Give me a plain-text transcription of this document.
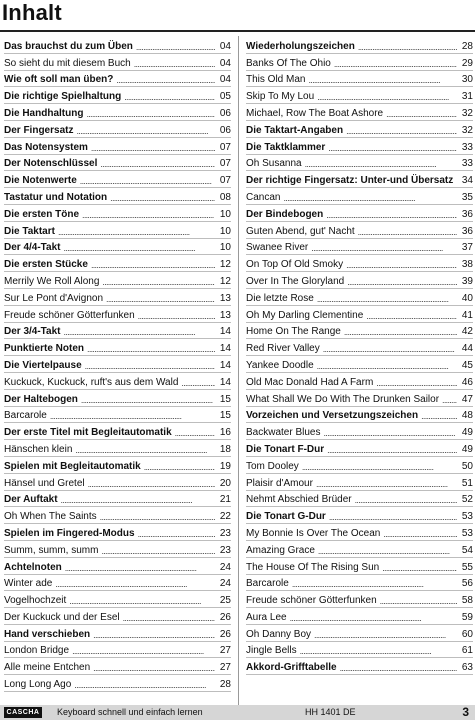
Inhalt
Das brauchst du zum Üben . . .	04
So sieht du mit diesem Buch . . .	04
Wie oft soll man üben? . . .	04
Die richtige Spielhaltung . . .	05
Die Handhaltung . . .	06
Der Fingersatz . . .	06
Das Notensystem . . .	07
Der Notenschlüssel . . .	07
Die Notenwerte . . .	07
Tastatur und Notation . . .	08
Die ersten Töne . . .	10
Die Taktart . . .	10
Der 4/4-Takt . . .	10
Die ersten Stücke . . .	12
Merrily We Roll Along . . .	12
Sur Le Pont d'Avignon . . .	13
Freude schöner Götterfunken . . .	13
Der 3/4-Takt . . .	14
Punktierte Noten . . .	14
Die Viertelpause . . .	14
Kuckuck, Kuckuck, ruft's aus dem Wald . . .	14
Der Haltebogen . . .	15
Barcarole . . .	15
Der erste Titel mit Begleitautomatik . . .	16
Hänschen klein . . .	18
Spielen mit Begleitautomatik . . .	19
Hänsel und Gretel . . .	20
Der Auftakt . . .	21
Oh When The Saints . . .	22
Spielen im Fingered-Modus . . .	23
Summ, summ, summ . . .	23
Achtelnoten . . .	24
Winter ade . . .	24
Vogelhochzeit . . .	25
Der Kuckuck und der Esel . . .	26
Hand verschieben . . .	26
London Bridge . . .	27
Alle meine Entchen . . .	27
Long Long Ago . . .	28
Wiederholungszeichen . . .	28
Banks Of The Ohio . . .	29
This Old Man . . .	30
Skip To My Lou . . .	31
Michael, Row The Boat Ashore . . .	32
Die Taktart-Angaben . . .	32
Die Taktklammer . . .	33
Oh Susanna . . .	33
Der richtige Fingersatz: Unter-und Übersatz . . . 34
Cancan . . .	35
Der Bindebogen . . .	36
Guten Abend, gut' Nacht . . .	36
Swanee River . . .	37
On Top Of Old Smoky . . .	38
Over In The Gloryland . . .	39
Die letzte Rose . . .	40
Oh My Darling Clementine . . .	41
Home On The Range . . .	42
Red River Valley . . .	44
Yankee Doodle . . .	45
Old Mac Donald Had A Farm . . .	46
What Shall We Do With The Drunken Sailor . . . 47
Vorzeichen und Versetzungszeichen . . .	48
Backwater Blues . . .	49
Die Tonart F-Dur . . .	49
Tom Dooley . . .	50
Plaisir d'Amour . . .	51
Nehmt Abschied Brüder . . .	52
Die Tonart G-Dur . . .	53
My Bonnie Is Over The Ocean . . .	53
Amazing Grace . . .	54
The House Of The Rising Sun . . .	55
Barcarole . . .	56
Freude schöner Götterfunken . . .	58
Aura Lee . . .	59
Oh Danny Boy . . .	60
Jingle Bells . . .	61
Akkord-Grifftabelle . . .	63
CASCHA Keyboard schnell und einfach lernen	HH 1401 DE	3
